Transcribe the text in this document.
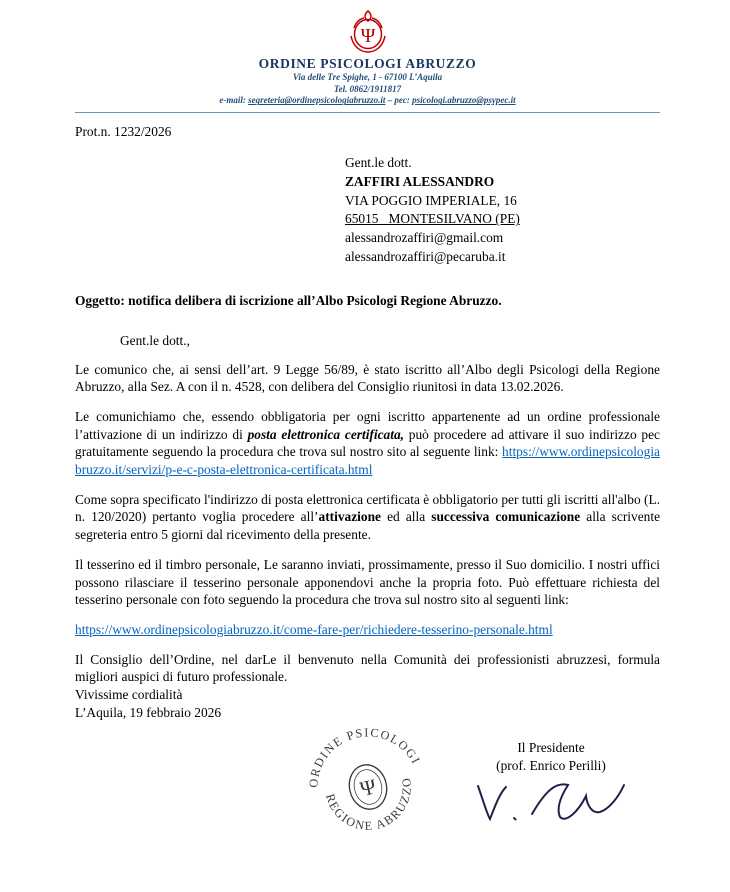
Ψ
ORDINE PSICOLOGI ABRUZZO
Via delle Tre Spighe, 1 - 67100 L’Aquila
Tel. 0862/1911817
e-mail: segreteria@ordinepsicologiabruzzo.it – pec: psicologi.abruzzo@psypec.it
Prot.n. 1232/2026
Gent.le dott.
ZAFFIRI ALESSANDRO
VIA POGGIO IMPERIALE, 16
65015   MONTESILVANO (PE)
alessandrozaffiri@gmail.com
alessandrozaffiri@pecaruba.it
Oggetto: notifica delibera di iscrizione all’Albo Psicologi Regione Abruzzo.
Gent.le dott.,

Le comunico che, ai sensi dell’art. 9 Legge 56/89, è stato iscritto all’Albo degli Psicologi della Regione Abruzzo, alla Sez. A con il n. 4528, con delibera del Consiglio riunitosi in data 13.02.2026.

Le comunichiamo che, essendo obbligatoria per ogni iscritto appartenente ad un ordine professionale l’attivazione di un indirizzo di posta elettronica certificata, può procedere ad attivare il suo indirizzo pec gratuitamente seguendo la procedura che trova sul nostro sito al seguente link: https://www.ordinepsicologiabruzzo.it/servizi/p-e-c-posta-elettronica-certificata.html

Come sopra specificato l'indirizzo di posta elettronica certificata è obbligatorio per tutti gli iscritti all'albo (L. n. 120/2020) pertanto voglia procedere all’attivazione ed alla successiva comunicazione alla scrivente segreteria entro 5 giorni dal ricevimento della presente.

Il tesserino ed il timbro personale, Le saranno inviati, prossimamente, presso il Suo domicilio. I nostri uffici possono rilasciare il tesserino personale apponendovi anche la propria foto. Può effettuare richiesta del tesserino personale con foto seguendo la procedura che trova sul nostro sito al seguenti link:

https://www.ordinepsicologiabruzzo.it/come-fare-per/richiedere-tesserino-personale.html

Il Consiglio dell’Ordine, nel darLe il benvenuto nella Comunità dei professionisti abruzzesi, formula migliori auspici di futuro professionale.

Vivissime cordialità
L’Aquila, 19 febbraio 2026
ORDINE PSICOLOGI
REGIONE ABRUZZO
Ψ
Il Presidente
(prof. Enrico Perilli)
